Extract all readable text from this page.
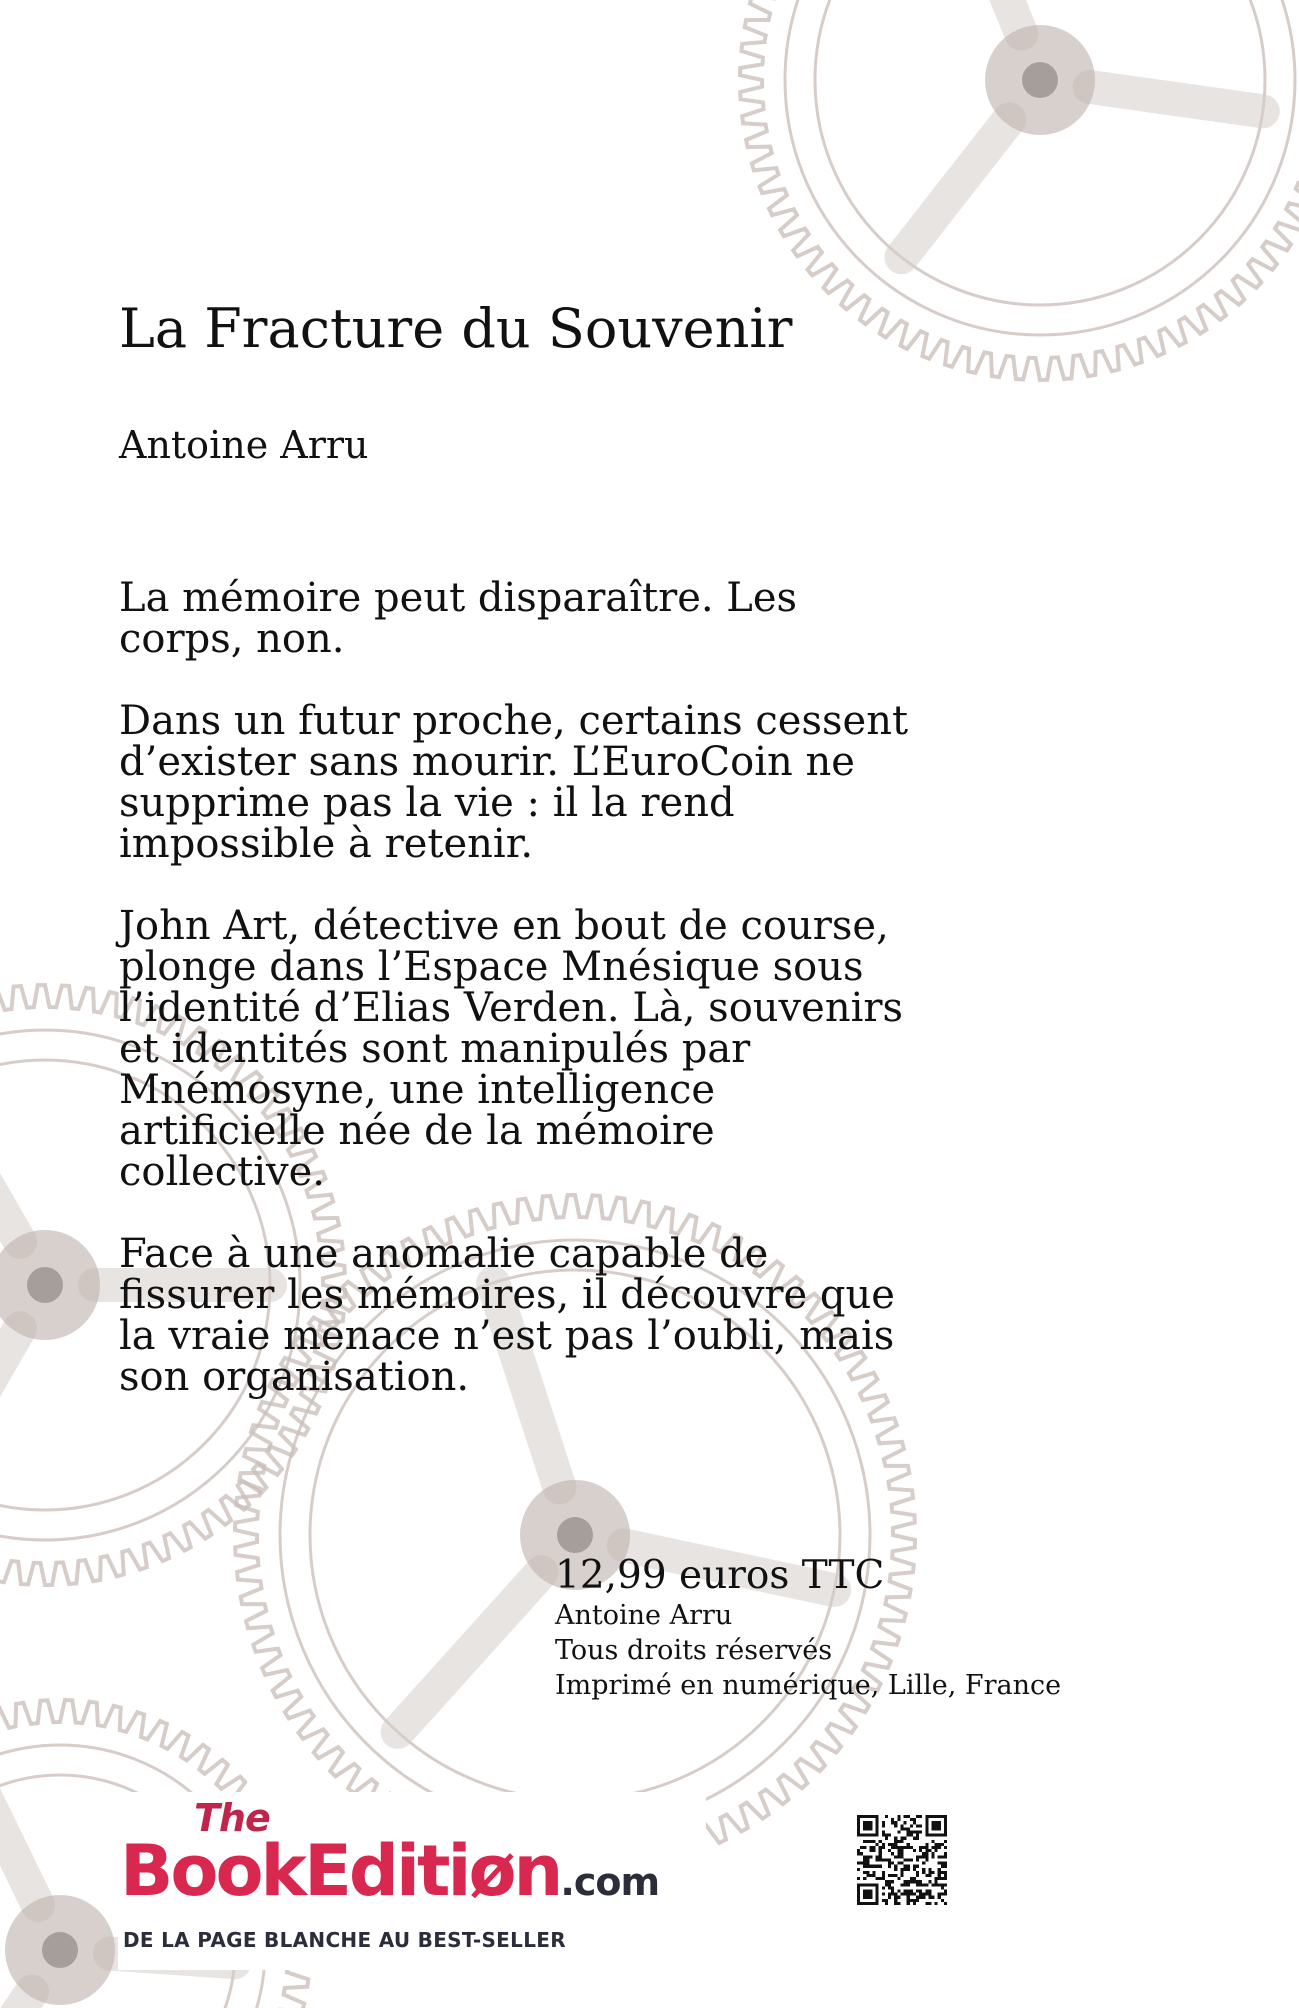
La Fracture du Souvenir
Antoine Arru

La mémoire peut disparaître. Les
corps, non.

Dans un futur proche, certains cessent
d’exister sans mourir. L’EuroCoin ne
supprime pas la vie : il la rend
impossible à retenir.

John Art, détective en bout de course,
plonge dans l’Espace Mnésique sous
l’identité d’Elias Verden. Là, souvenirs
et identités sont manipulés par
Mnémosyne, une intelligence
artificielle née de la mémoire
collective.

Face à une anomalie capable de
fissurer les mémoires, il découvre que
la vraie menace n’est pas l’oubli, mais
son organisation.

12,99 euros TTC
Antoine Arru
Tous droits réservés
Imprimé en numérique, Lille, France
The
BookEditiøn.com
DE LA PAGE BLANCHE AU BEST-SELLER
